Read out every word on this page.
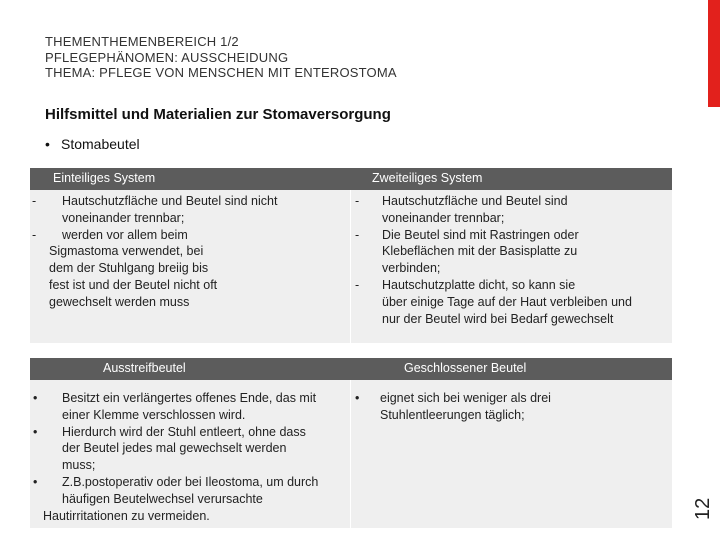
THEMENTHEMENBEREICH 1/2
PFLEGEPHÄNOMEN: AUSSCHEIDUNG
THEMA: PFLEGE VON MENSCHEN MIT ENTEROSTOMA
Hilfsmittel und Materialien zur Stomaversorgung
• Stomabeutel
Einteiliges System	Zweiteiliges System
- Hautschutzfläche und Beutel sind nicht
voneinander trennbar;
- werden vor allem beim
Sigmastoma verwendet, bei
dem der Stuhlgang breiig bis
fest ist und der Beutel nicht oft
gewechselt werden muss
- Hautschutzfläche und Beutel sind
voneinander trennbar;
- Die Beutel sind mit Rastringen oder
Klebeflächen mit der Basisplatte zu
verbinden;
- Hautschutzplatte dicht, so kann sie
über einige Tage auf der Haut verbleiben und
nur der Beutel wird bei Bedarf gewechselt
Ausstreifbeutel	Geschlossener Beutel
• Besitzt ein verlängertes offenes Ende, das mit
einer Klemme verschlossen wird.
• Hierdurch wird der Stuhl entleert, ohne dass
der Beutel jedes mal gewechselt werden
muss;
• Z.B.postoperativ oder bei Ileostoma, um durch
häufigen Beutelwechsel verursachte
Hautirritationen zu vermeiden.
• eignet sich bei weniger als drei
Stuhlentleerungen täglich;
12
